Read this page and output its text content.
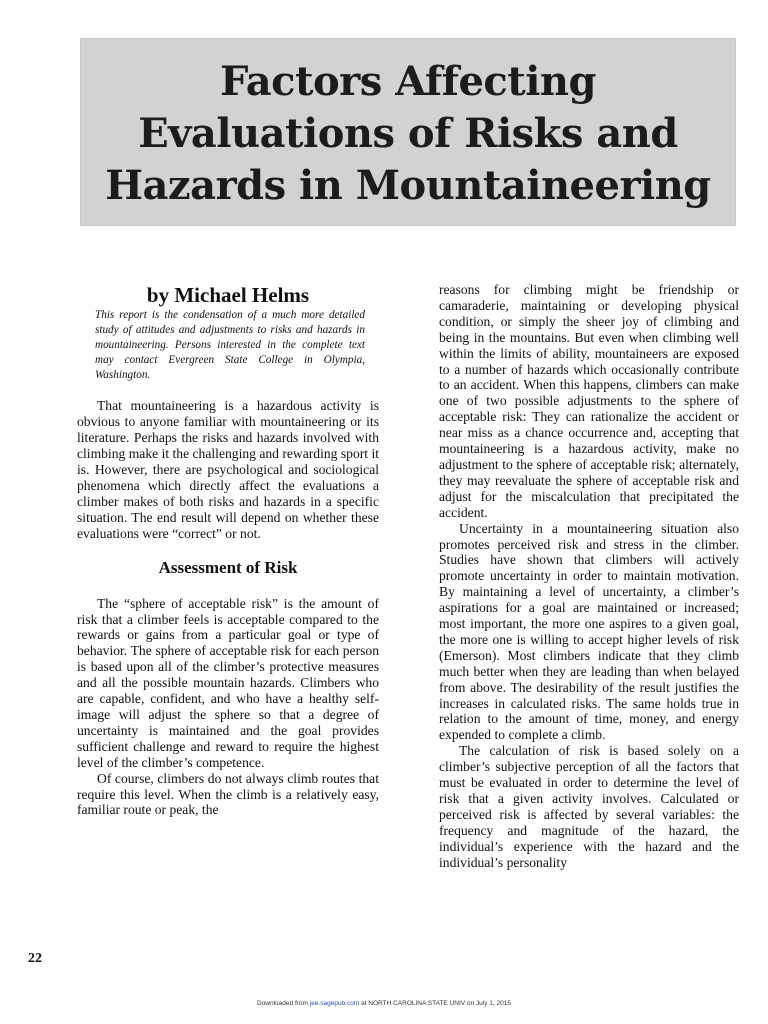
Factors Affecting
Evaluations of Risks and
Hazards in Mountaineering

by Michael Helms

This report is the condensation of a much more detailed study of attitudes and adjustments to risks and hazards in mountaineering. Persons interested in the complete text may contact Evergreen State College in Olympia, Washington.

That mountaineering is a hazardous activity is obvious to anyone familiar with mountaineering or its literature. Perhaps the risks and hazards involved with climbing make it the challenging and rewarding sport it is. However, there are psychological and sociological phenomena which directly affect the evaluations a climber makes of both risks and hazards in a specific situation. The end result will depend on whether these evaluations were “correct” or not.

Assessment of Risk

The “sphere of acceptable risk” is the amount of risk that a climber feels is acceptable compared to the rewards or gains from a particular goal or type of behavior. The sphere of acceptable risk for each person is based upon all of the climber’s protective measures and all the possible mountain hazards. Climbers who are capable, confident, and who have a healthy self-image will adjust the sphere so that a degree of uncertainty is maintained and the goal provides sufficient challenge and reward to require the highest level of the climber’s competence.

Of course, climbers do not always climb routes that require this level. When the climb is a relatively easy, familiar route or peak, the

reasons for climbing might be friendship or camaraderie, maintaining or developing physical condition, or simply the sheer joy of climbing and being in the mountains. But even when climbing well within the limits of ability, mountaineers are exposed to a number of hazards which occasionally contribute to an accident. When this happens, climbers can make one of two possible adjustments to the sphere of acceptable risk: They can rationalize the accident or near miss as a chance occurrence and, accepting that mountaineering is a hazardous activity, make no adjustment to the sphere of acceptable risk; alternately, they may reevaluate the sphere of acceptable risk and adjust for the miscalculation that precipitated the accident.

Uncertainty in a mountaineering situation also promotes perceived risk and stress in the climber. Studies have shown that climbers will actively promote uncertainty in order to maintain motivation. By maintaining a level of uncertainty, a climber’s aspirations for a goal are maintained or increased; most important, the more one aspires to a given goal, the more one is willing to accept higher levels of risk (Emerson). Most climbers indicate that they climb much better when they are leading than when belayed from above. The desirability of the result justifies the increases in calculated risks. The same holds true in relation to the amount of time, money, and energy expended to complete a climb.

The calculation of risk is based solely on a climber’s subjective perception of all the factors that must be evaluated in order to determine the level of risk that a given activity involves. Calculated or perceived risk is affected by several variables: the frequency and magnitude of the hazard, the individual’s experience with the hazard and the individual’s personality

22
Downloaded from jee.sagepub.com at NORTH CAROLINA STATE UNIV on July 1, 2015
